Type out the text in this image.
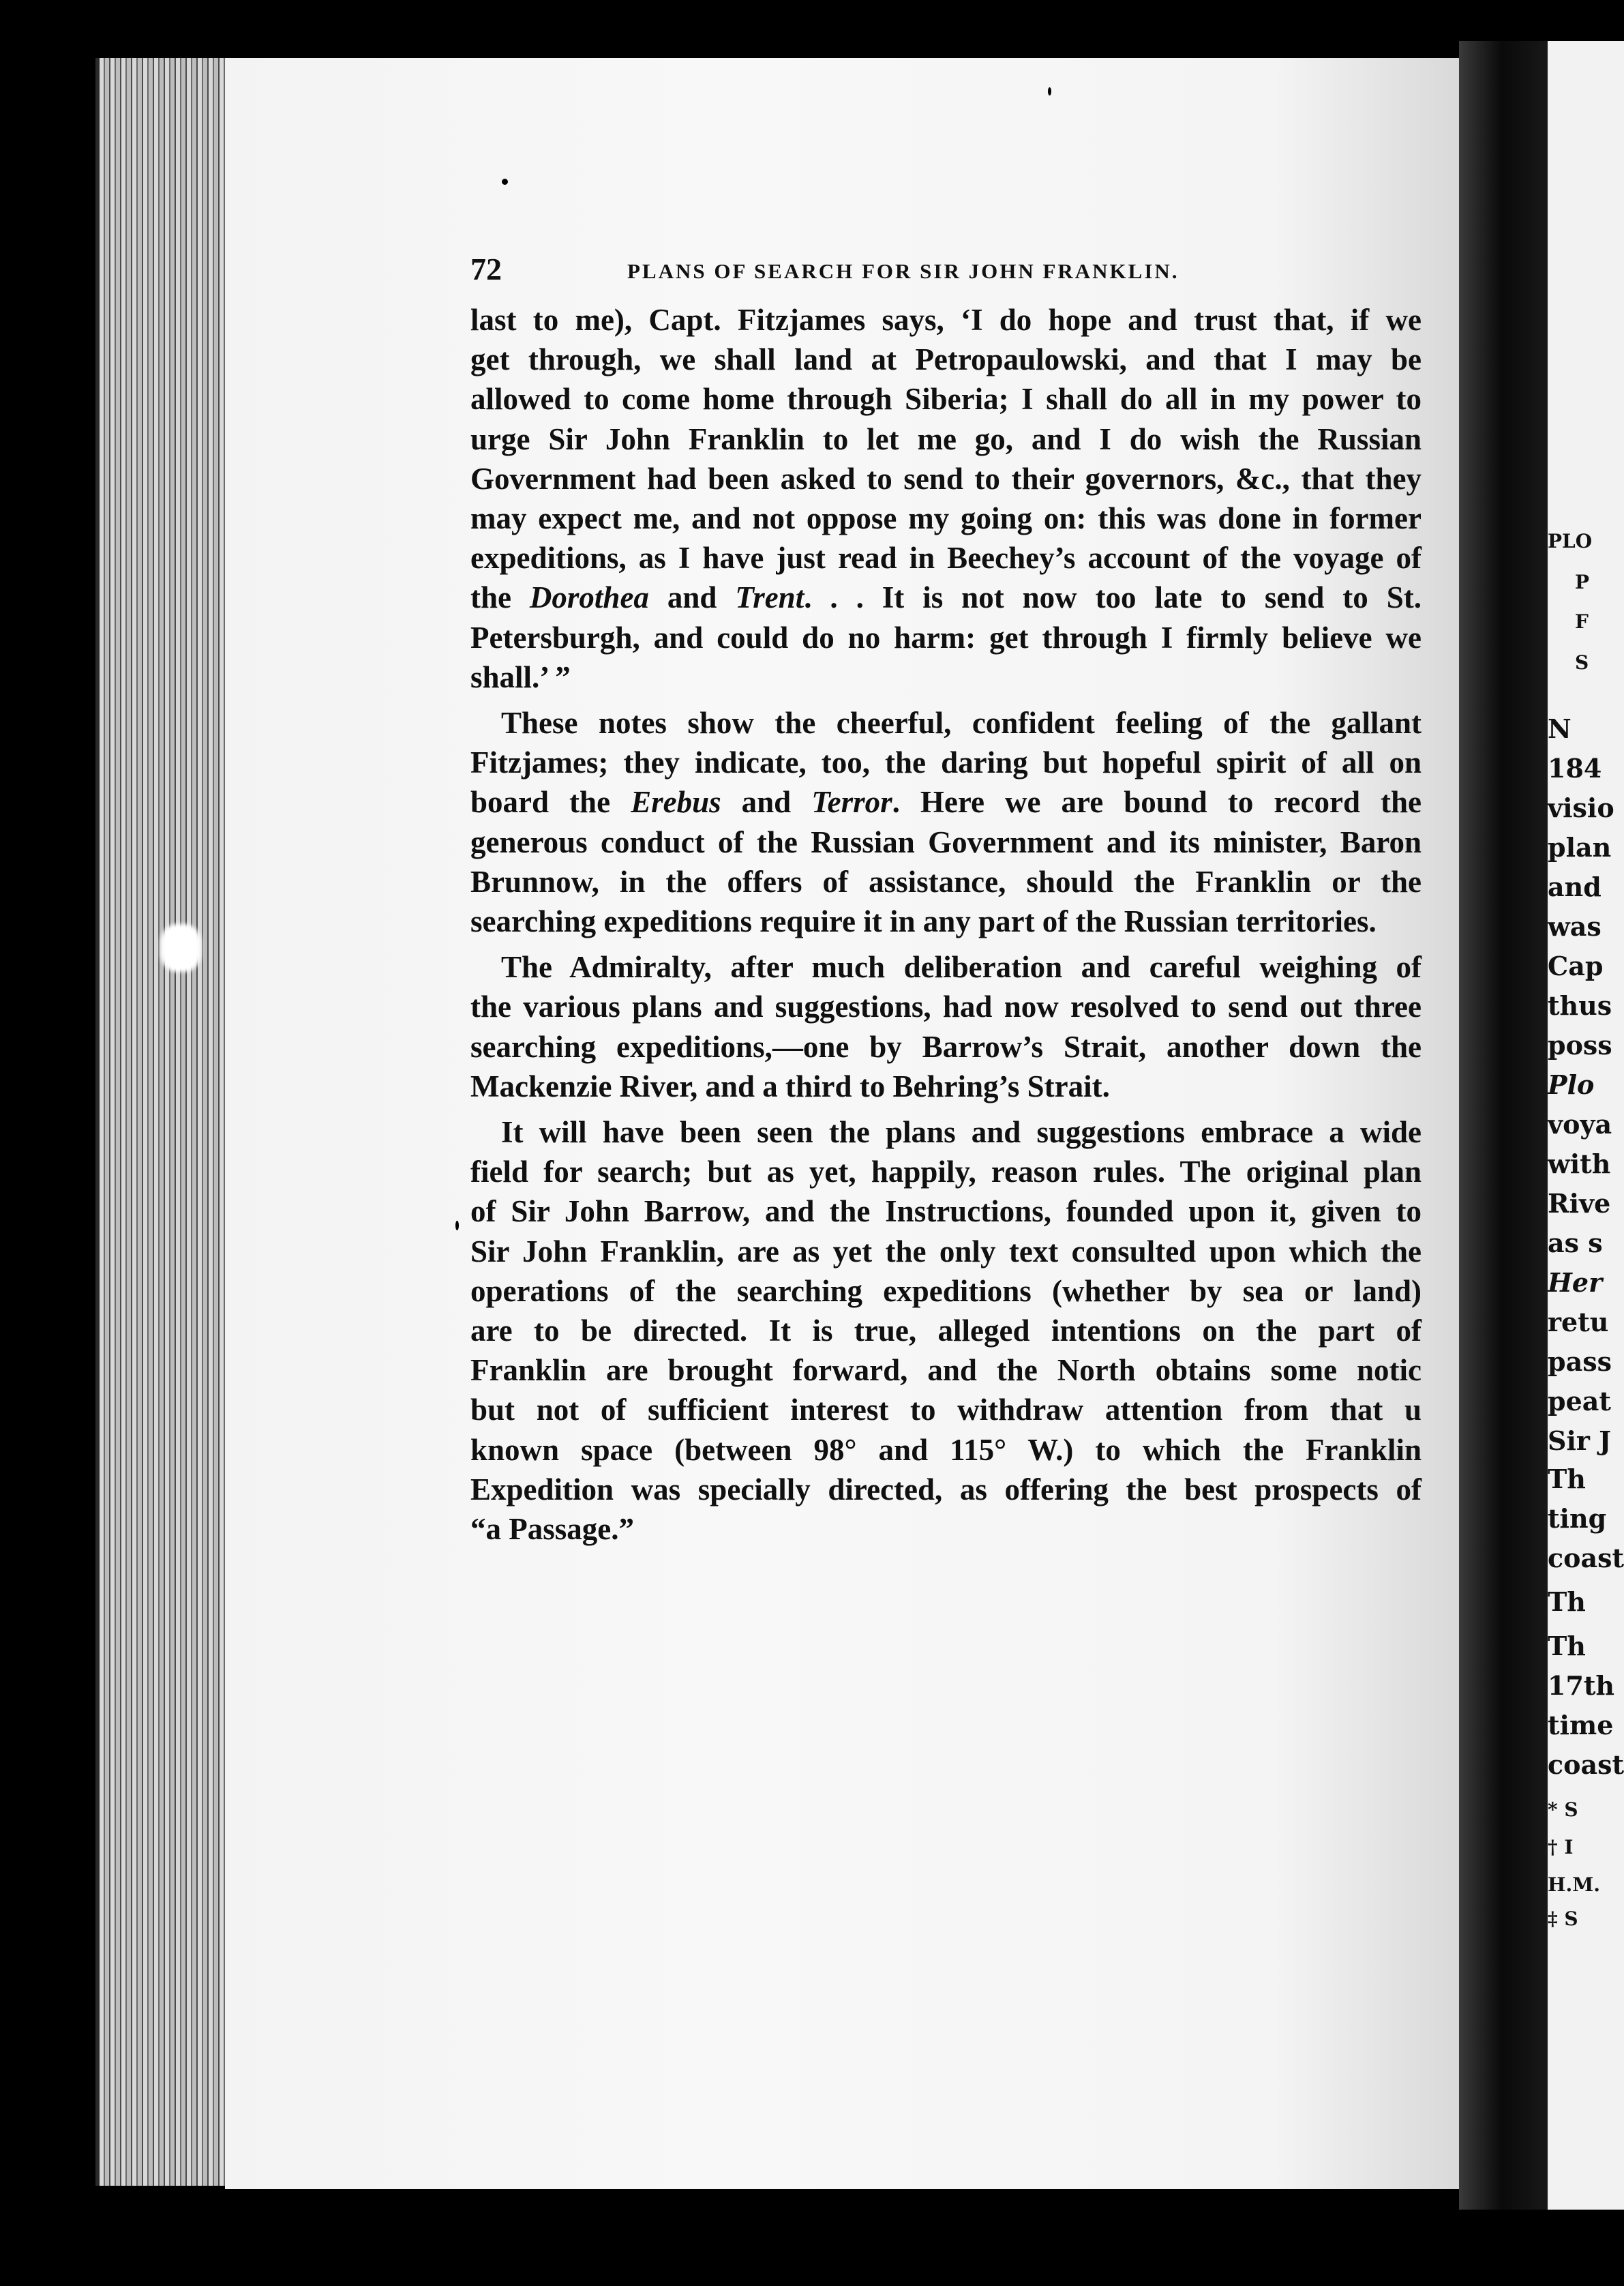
PLO
P
F
S
N
184
visio
plan
and
was
Cap
thus
poss
Plo
voya
with
Rive
as s
Her
retu
pass
peat
Sir J
Th
ting
coast
Th
Th
17th
time
coast
* S
† I
H.M.
‡ S
72	PLANS OF SEARCH FOR SIR JOHN FRANKLIN.
last to me), Capt. Fitzjames says, ‘I do hope and trust that, if we
get through, we shall land at Petropaulowski, and that I may be
allowed to come home through Siberia; I shall do all in my power to
urge Sir John Franklin to let me go, and I do wish the Russian
Government had been asked to send to their governors, &c., that they
may expect me, and not oppose my going on: this was done in former
expeditions, as I have just read in Beechey’s account of the voyage of
the Dorothea and Trent. . . It is not now too late to send to St.
Petersburgh, and could do no harm: get through I firmly believe we
shall.’ ”
These notes show the cheerful, confident feeling of the gallant
Fitzjames; they indicate, too, the daring but hopeful spirit of all on
board the Erebus and Terror. Here we are bound to record the
generous conduct of the Russian Government and its minister, Baron
Brunnow, in the offers of assistance, should the Franklin or the
searching expeditions require it in any part of the Russian territories.
The Admiralty, after much deliberation and careful weighing of
the various plans and suggestions, had now resolved to send out three
searching expeditions,—one by Barrow’s Strait, another down the
Mackenzie River, and a third to Behring’s Strait.
It will have been seen the plans and suggestions embrace a wide
field for search; but as yet, happily, reason rules. The original plan
of Sir John Barrow, and the Instructions, founded upon it, given to
Sir John Franklin, are as yet the only text consulted upon which the
operations of the searching expeditions (whether by sea or land)
are to be directed. It is true, alleged intentions on the part of
Franklin are brought forward, and the North obtains some notic
but not of sufficient interest to withdraw attention from that u
known space (between 98° and 115° W.) to which the Franklin
Expedition was specially directed, as offering the best prospects of
“a Passage.”
